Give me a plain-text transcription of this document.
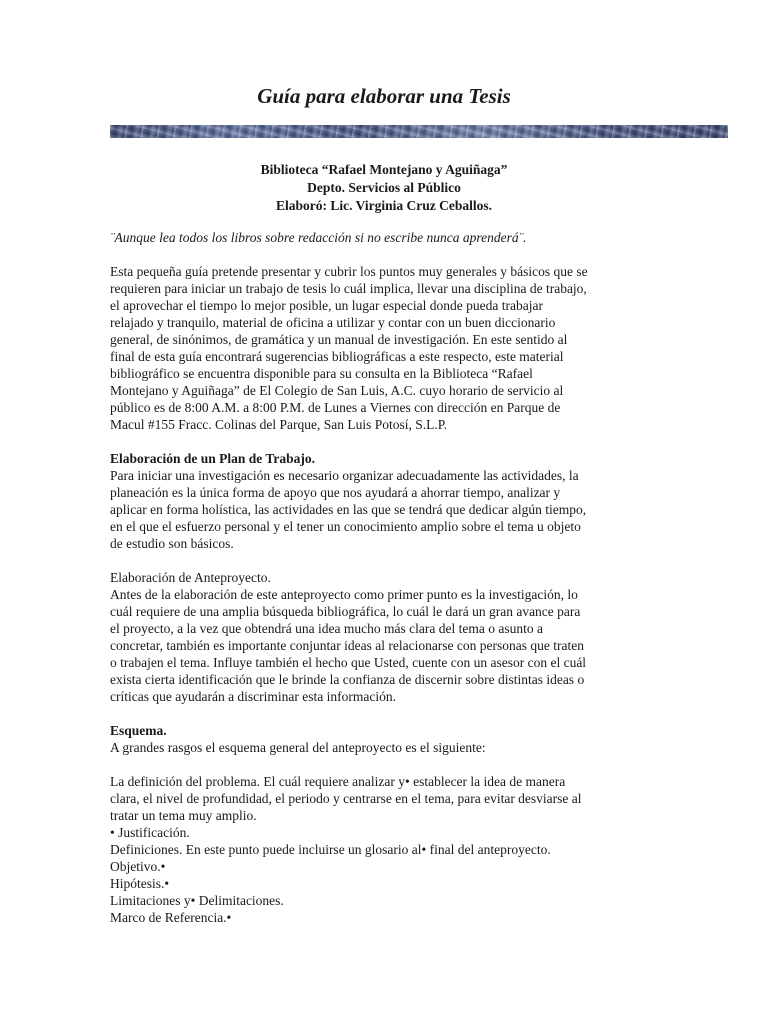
Guía para elaborar una Tesis
Biblioteca “Rafael Montejano y Aguiñaga”
Depto. Servicios al Público
Elaboró: Lic. Virginia Cruz Ceballos.

¨Aunque lea todos los libros sobre redacción si no escribe nunca aprenderá¨.

Esta pequeña guía pretende presentar y cubrir los puntos muy generales y básicos que se
requieren para iniciar un trabajo de tesis lo cuál implica, llevar una disciplina de trabajo,
el aprovechar el tiempo lo mejor posible, un lugar especial donde pueda trabajar
relajado y tranquilo, material de oficina a utilizar y contar con un buen diccionario
general, de sinónimos, de gramática y un manual de investigación. En este sentido al
final de esta guía encontrará sugerencias bibliográficas a este respecto, este material
bibliográfico se encuentra disponible para su consulta en la Biblioteca “Rafael
Montejano y Aguiñaga” de El Colegio de San Luis, A.C. cuyo horario de servicio al
público es de 8:00 A.M. a 8:00 P.M. de Lunes a Viernes con dirección en Parque de
Macul #155 Fracc. Colinas del Parque, San Luis Potosí, S.L.P.

Elaboración de un Plan de Trabajo.

Para iniciar una investigación es necesario organizar adecuadamente las actividades, la
planeación es la única forma de apoyo que nos ayudará a ahorrar tiempo, analizar y
aplicar en forma holística, las actividades en las que se tendrá que dedicar algún tiempo,
en el que el esfuerzo personal y el tener un conocimiento amplio sobre el tema u objeto
de estudio son básicos.

Elaboración de Anteproyecto.

Antes de la elaboración de este anteproyecto como primer punto es la investigación, lo
cuál requiere de una amplia búsqueda bibliográfica, lo cuál le dará un gran avance para
el proyecto, a la vez que obtendrá una idea mucho más clara del tema o asunto a
concretar, también es importante conjuntar ideas al relacionarse con personas que traten
o trabajen el tema. Influye también el hecho que Usted, cuente con un asesor con el cuál
exista cierta identificación que le brinde la confianza de discernir sobre distintas ideas o
críticas que ayudarán a discriminar esta información.

Esquema.

A grandes rasgos el esquema general del anteproyecto es el siguiente:

La definición del problema. El cuál requiere analizar y• establecer la idea de manera
clara, el nivel de profundidad, el periodo y centrarse en el tema, para evitar desviarse al
tratar un tema muy amplio.

• Justificación.

Definiciones. En este punto puede incluirse un glosario al• final del anteproyecto.

Objetivo.•

Hipótesis.•

Limitaciones y• Delimitaciones.

Marco de Referencia.•
